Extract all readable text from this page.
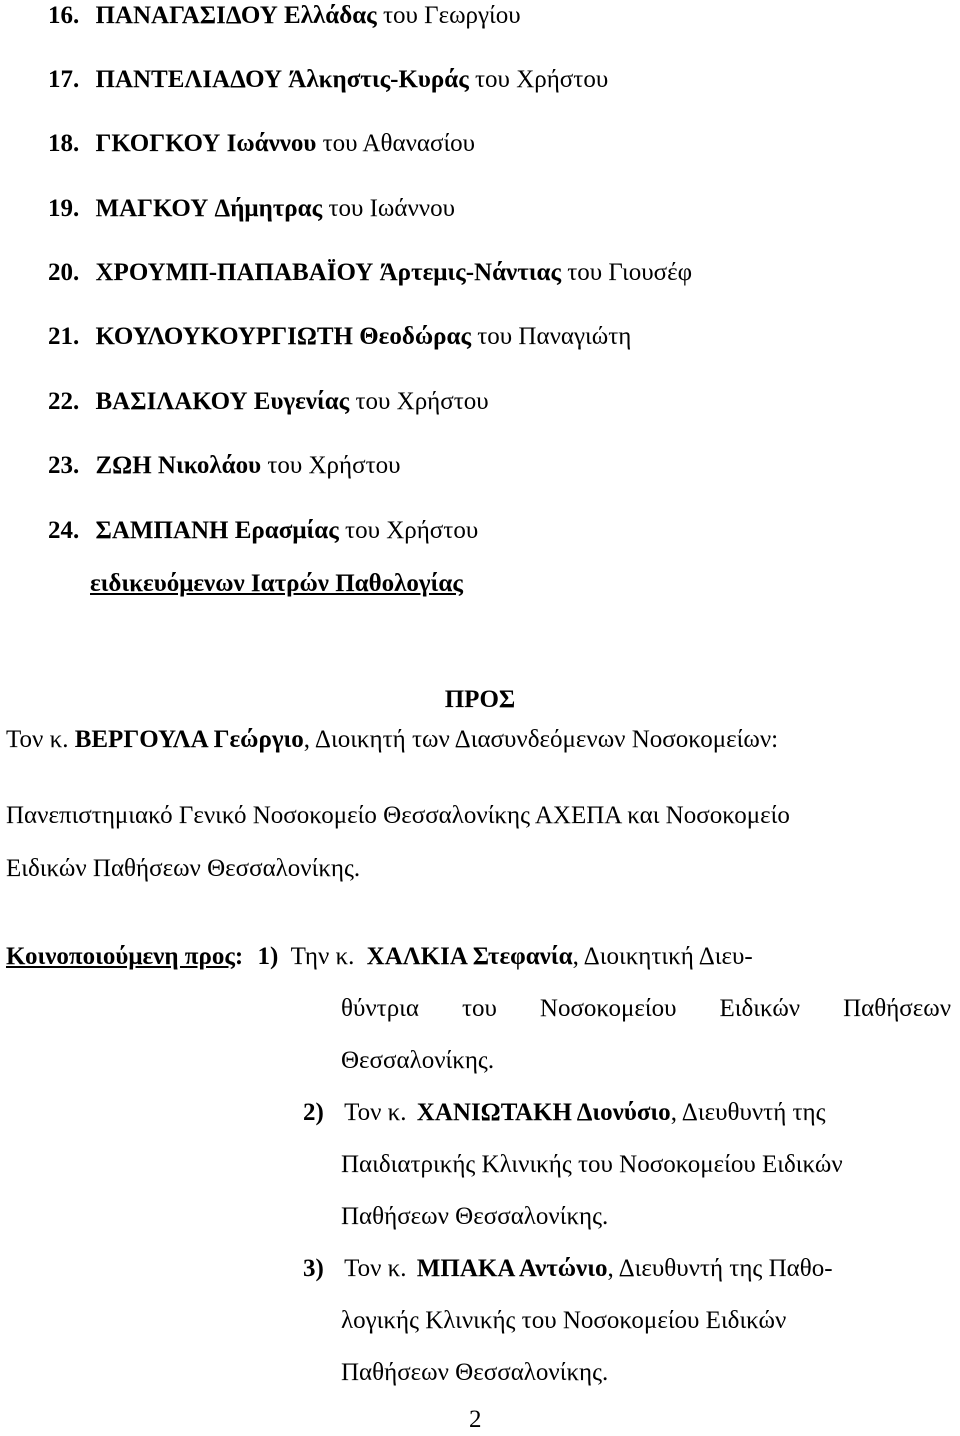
16. ΠΑΝΑΓΑΣΙΔΟΥ Ελλάδας του Γεωργίου
17. ΠΑΝΤΕΛΙΑΔΟΥ Άλκηστις-Κυράς του Χρήστου
18. ΓΚΟΓΚΟΥ Ιωάννου του Αθανασίου
19. ΜΑΓΚΟΥ Δήμητρας του Ιωάννου
20. ΧΡΟΥΜΠ-ΠΑΠΑΒΑΪΟΥ Άρτεμις-Νάντιας του Γιουσέφ
21. ΚΟΥΛΟΥΚΟΥΡΓΙΩΤΗ Θεοδώρας του Παναγιώτη
22. ΒΑΣΙΛΑΚΟΥ Ευγενίας του Χρήστου
23. ΖΩΗ Νικολάου του Χρήστου
24. ΣΑΜΠΑΝΗ Ερασμίας του Χρήστου
ειδικευόμενων Ιατρών Παθολογίας
ΠΡΟΣ
Τον κ. ΒΕΡΓΟΥΛΑ Γεώργιο, Διοικητή των Διασυνδεόμενων Νοσοκομείων:
Πανεπιστημιακό Γενικό Νοσοκομείο Θεσσαλονίκης ΑΧΕΠΑ και Νοσοκομείο
Ειδικών Παθήσεων Θεσσαλονίκης.
Κοινοποιούμενη προς: 1) Την κ. ΧΑΛΚΙΑ Στεφανία, Διοικητική Διευ-
θύντρια του Νοσοκομείου Ειδικών Παθήσεων
Θεσσαλονίκης.
2) Τον κ. ΧΑΝΙΩΤΑΚΗ Διονύσιο, Διευθυντή της
Παιδιατρικής Κλινικής του Νοσοκομείου Ειδικών
Παθήσεων Θεσσαλονίκης.
3) Τον κ. ΜΠΑΚΑ Αντώνιο, Διευθυντή της Παθο-
λογικής Κλινικής του Νοσοκομείου Ειδικών
Παθήσεων Θεσσαλονίκης.
2
